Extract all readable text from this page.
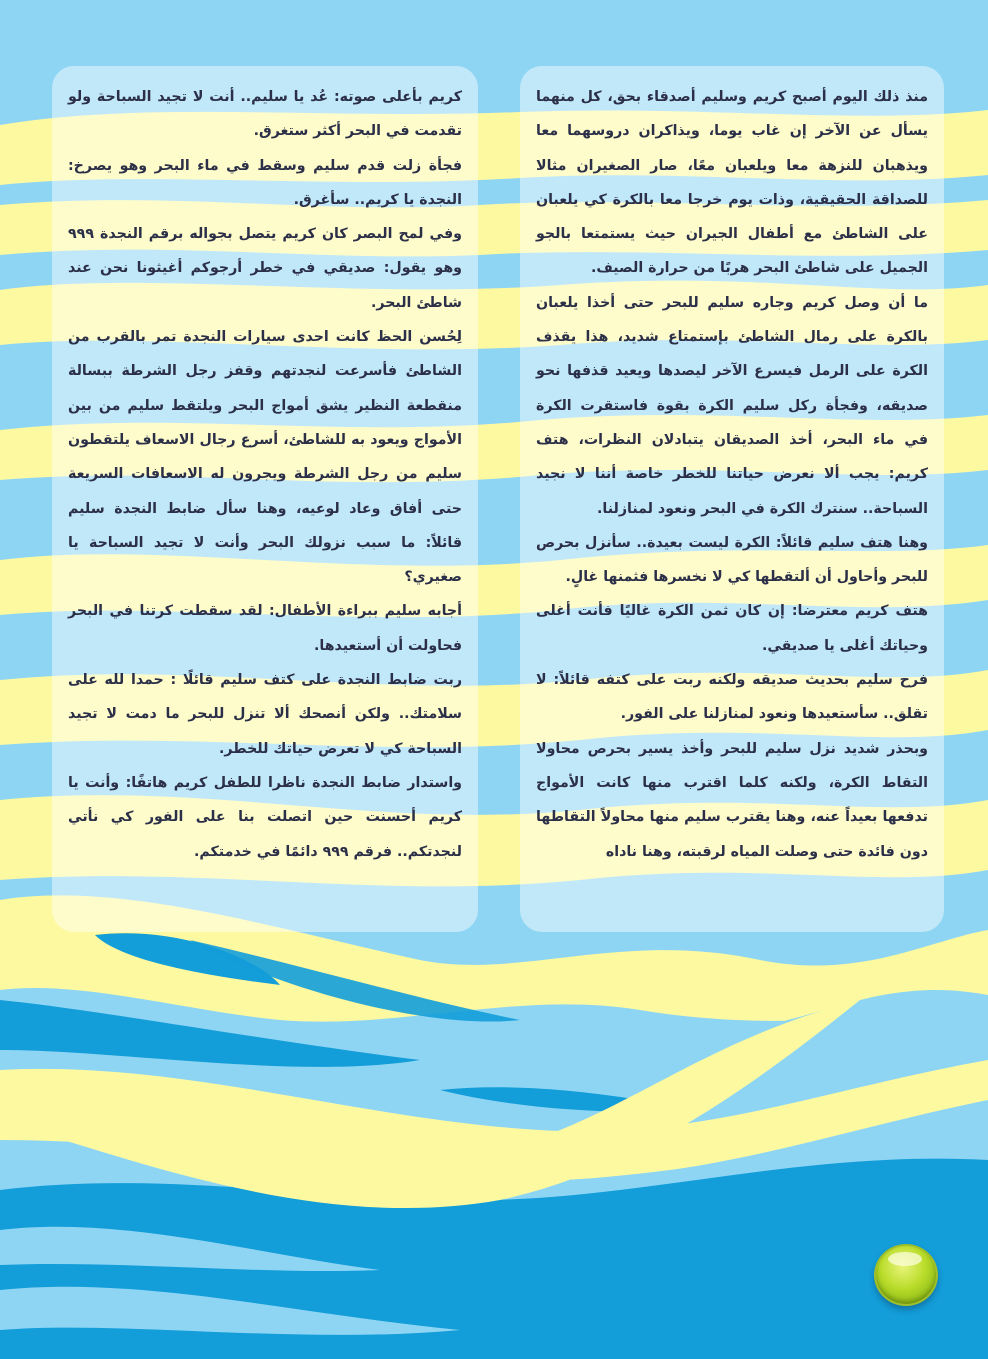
منذ ذلك اليوم أصبح كريم وسليم أصدقاء بحق، كل منهما يسأل عن الآخر إن غاب يوما، ويذاكران دروسهما معا ويذهبان للنزهة معا ويلعبان معًا، صار الصغيران مثالا للصداقة الحقيقية، وذات يوم خرجا معا بالكرة كي يلعبان على الشاطئ مع أطفال الجيران حيث يستمتعا بالجو الجميل على شاطئ البحر هربًا من حرارة الصيف.

ما أن وصل كريم وجاره سليم للبحر حتى أخذا يلعبان بالكرة على رمال الشاطئ بإستمتاع شديد، هذا يقذف الكرة على الرمل فيسرع الآخر ليصدها ويعيد قذفها نحو صديقه، وفجأة ركل سليم الكرة بقوة فاستقرت الكرة في ماء البحر، أخذ الصديقان يتبادلان النظرات، هتف كريم: يجب ألا نعرض حياتنا للخطر خاصة أننا لا نجيد السباحة.. سنترك الكرة في البحر ونعود لمنازلنا.

وهنا هتف سليم قائلاً: الكرة ليست بعيدة.. سأنزل بحرص للبحر وأحاول أن ألتقطها كي لا نخسرها فثمنها غالٍ.

هتف كريم معترضا: إن كان ثمن الكرة غاليًا فأنت أغلى وحياتك أغلى يا صديقي.

فرح سليم بحديث صديقه ولكنه ربت على كتفه قائلاً: لا تقلق.. سأستعيدها ونعود لمنازلنا على الفور.

وبحذر شديد نزل سليم للبحر وأخذ يسير بحرص محاولا التقاط الكرة، ولكنه كلما اقترب منها كانت الأمواج تدفعها بعيداً عنه، وهنا يقترب سليم منها محاولاً التقاطها دون فائدة حتى وصلت المياه لرقبته، وهنا ناداه

كريم بأعلى صوته: عُد يا سليم.. أنت لا تجيد السباحة ولو تقدمت في البحر أكثر ستغرق.

فجأة زلت قدم سليم وسقط في ماء البحر وهو يصرخ: النجدة يا كريم.. سأغرق.

وفي لمح البصر كان كريم يتصل بجواله برقم النجدة ٩٩٩ وهو يقول: صديقي في خطر أرجوكم أغيثونا نحن عند شاطئ البحر.

لِحُسن الحظ كانت احدى سيارات النجدة تمر بالقرب من الشاطئ فأسرعت لنجدتهم وقفز رجل الشرطة ببسالة منقطعة النظير يشق أمواج البحر ويلتقط سليم من بين الأمواج ويعود به للشاطئ، أسرع رجال الاسعاف يلتقطون سليم من رجل الشرطة ويجرون له الاسعافات السريعة حتى أفاق وعاد لوعيه، وهنا سأل ضابط النجدة سليم قائلاً: ما سبب نزولك البحر وأنت لا تجيد السباحة يا صغيري؟

أجابه سليم ببراءة الأطفال: لقد سقطت كرتنا في البحر فحاولت أن أستعيدها.

ربت ضابط النجدة على كتف سليم قائلًا : حمدا لله على سلامتك.. ولكن أنصحك ألا تنزل للبحر ما دمت لا تجيد السباحة كي لا تعرض حياتك للخطر.

واستدار ضابط النجدة ناظرا للطفل كريم هاتفًا: وأنت يا كريم أحسنت حين اتصلت بنا على الفور كي نأتي لنجدتكم.. فرقم ٩٩٩ دائمًا في خدمتكم.
